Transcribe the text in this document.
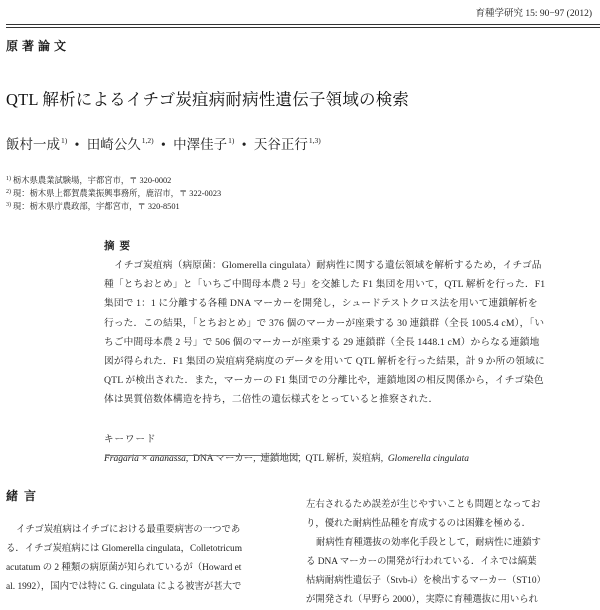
育種学研究 15: 90−97 (2012)
原著論文
QTL 解析によるイチゴ炭疽病耐病性遺伝子領域の検索
飯村一成$^{1)}$ • 田崎公久$^{1,2)}$ • 中澤佳子$^{1)}$ • 天谷正行$^{1,3)}$
$^{1)}$ 栃木県農業試験場，宇都宮市，〒 320-0002
$^{2)}$ 現：栃木県上都賀農業振興事務所，鹿沼市，〒 322-0023
$^{3)}$ 現：栃木県庁農政部，宇都宮市，〒 320-8501
摘要
イチゴ炭疽病（病原菌：Glomerella cingulata）耐病性に関する遺伝領域を解析するため，イチゴ品
種「とちおとめ」と「いちご中間母本農 2 号」を交雑した F1 集団を用いて，QTL 解析を行った．F1
集団で 1：1 に分離する各種 DNA マーカーを開発し，シュードテストクロス法を用いて連鎖解析を
行った．この結果，「とちおとめ」で 376 個のマーカーが座乗する 30 連鎖群（全長 1005.4 cM），「い
ちご中間母本農 2 号」で 506 個のマーカーが座乗する 29 連鎖群（全長 1448.1 cM）からなる連鎖地
図が得られた．F1 集団の炭疽病発病度のデータを用いて QTL 解析を行った結果，計 9 か所の領域に
QTL が検出された．また，マーカーの F1 集団での分離比や，連鎖地図の相反関係から，イチゴ染色
体は異質倍数体構造を持ち，二倍性の遺伝様式をとっていると推察された．
キーワード
Fragaria × ananassa,  DNA マーカー,  連鎖地図,  QTL 解析,  炭疽病,  Glomerella cingulata
緒言
イチゴ炭疽病はイチゴにおける最重要病害の一つであ
る．イチゴ炭疽病には Glomerella cingulata，Colletotricum
acutatum の 2 種類の病原菌が知られているが（Howard et
al. 1992），国内では特に G. cingulata による被害が甚大で
左右されるため誤差が生じやすいことも問題となってお
り，優れた耐病性品種を育成するのは困難を極める．
耐病性育種選抜の効率化手段として，耐病性に連鎖す
る DNA マーカーの開発が行われている．イネでは縞葉
枯病耐病性遺伝子（Stvb-i）を検出するマーカー（ST10）
が開発され（早野ら 2000），実際に育種選抜に用いられ
